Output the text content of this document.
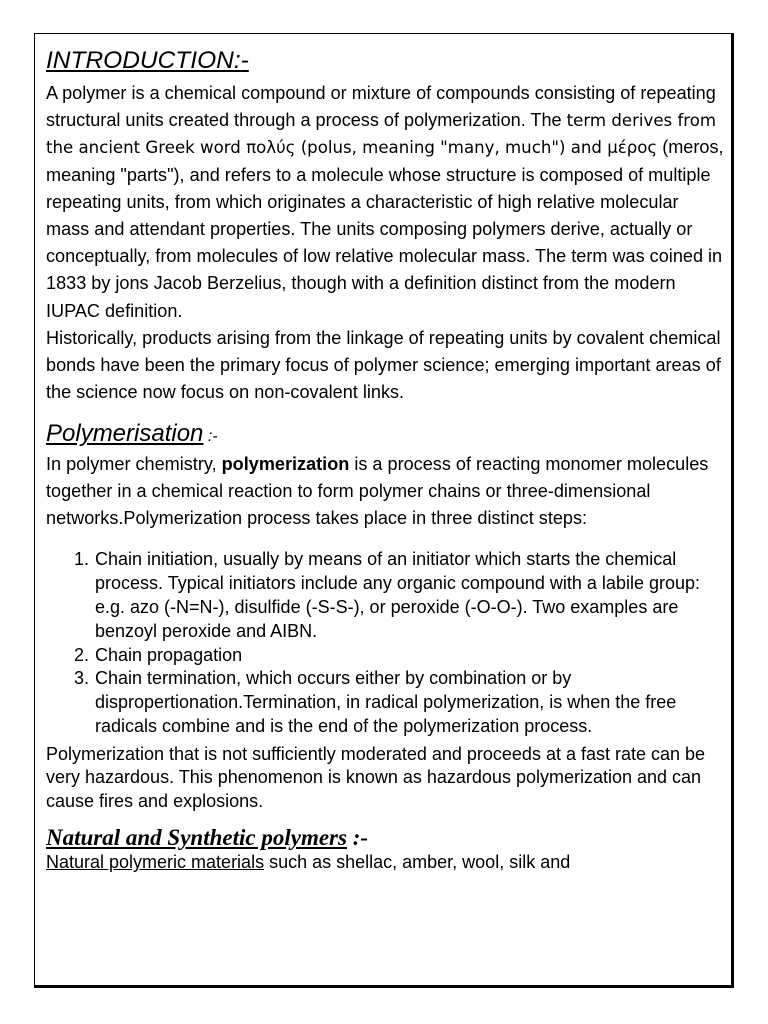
INTRODUCTION:-

A polymer is a chemical compound or mixture of compounds consisting of repeating structural units created through a process of polymerization. The term derives from the ancient Greek word πολύς (polus, meaning "many, much") and μέρος (meros, meaning "parts"), and refers to a molecule whose structure is composed of multiple repeating units, from which originates a characteristic of high relative molecular mass and attendant properties. The units composing polymers derive, actually or conceptually, from molecules of low relative molecular mass. The term was coined in 1833 by jons Jacob Berzelius, though with a definition distinct from the modern IUPAC definition.

Historically, products arising from the linkage of repeating units by covalent chemical bonds have been the primary focus of polymer science; emerging important areas of the science now focus on non-covalent links.

Polymerisation :-

In polymer chemistry, polymerization is a process of reacting monomer molecules together in a chemical reaction to form polymer chains or three-dimensional networks.Polymerization process takes place in three distinct steps:

1. Chain initiation, usually by means of an initiator which starts the chemical process. Typical initiators include any organic compound with a labile group: e.g. azo (-N=N-), disulfide (-S-S-), or peroxide (-O-O-). Two examples are benzoyl peroxide and AIBN.
2. Chain propagation
3. Chain termination, which occurs either by combination or by dispropertionation.Termination, in radical polymerization, is when the free radicals combine and is the end of the polymerization process.

Polymerization that is not sufficiently moderated and proceeds at a fast rate can be very hazardous. This phenomenon is known as hazardous polymerization and can cause fires and explosions.

Natural and Synthetic polymers :-

Natural polymeric materials such as shellac, amber, wool, silk and
